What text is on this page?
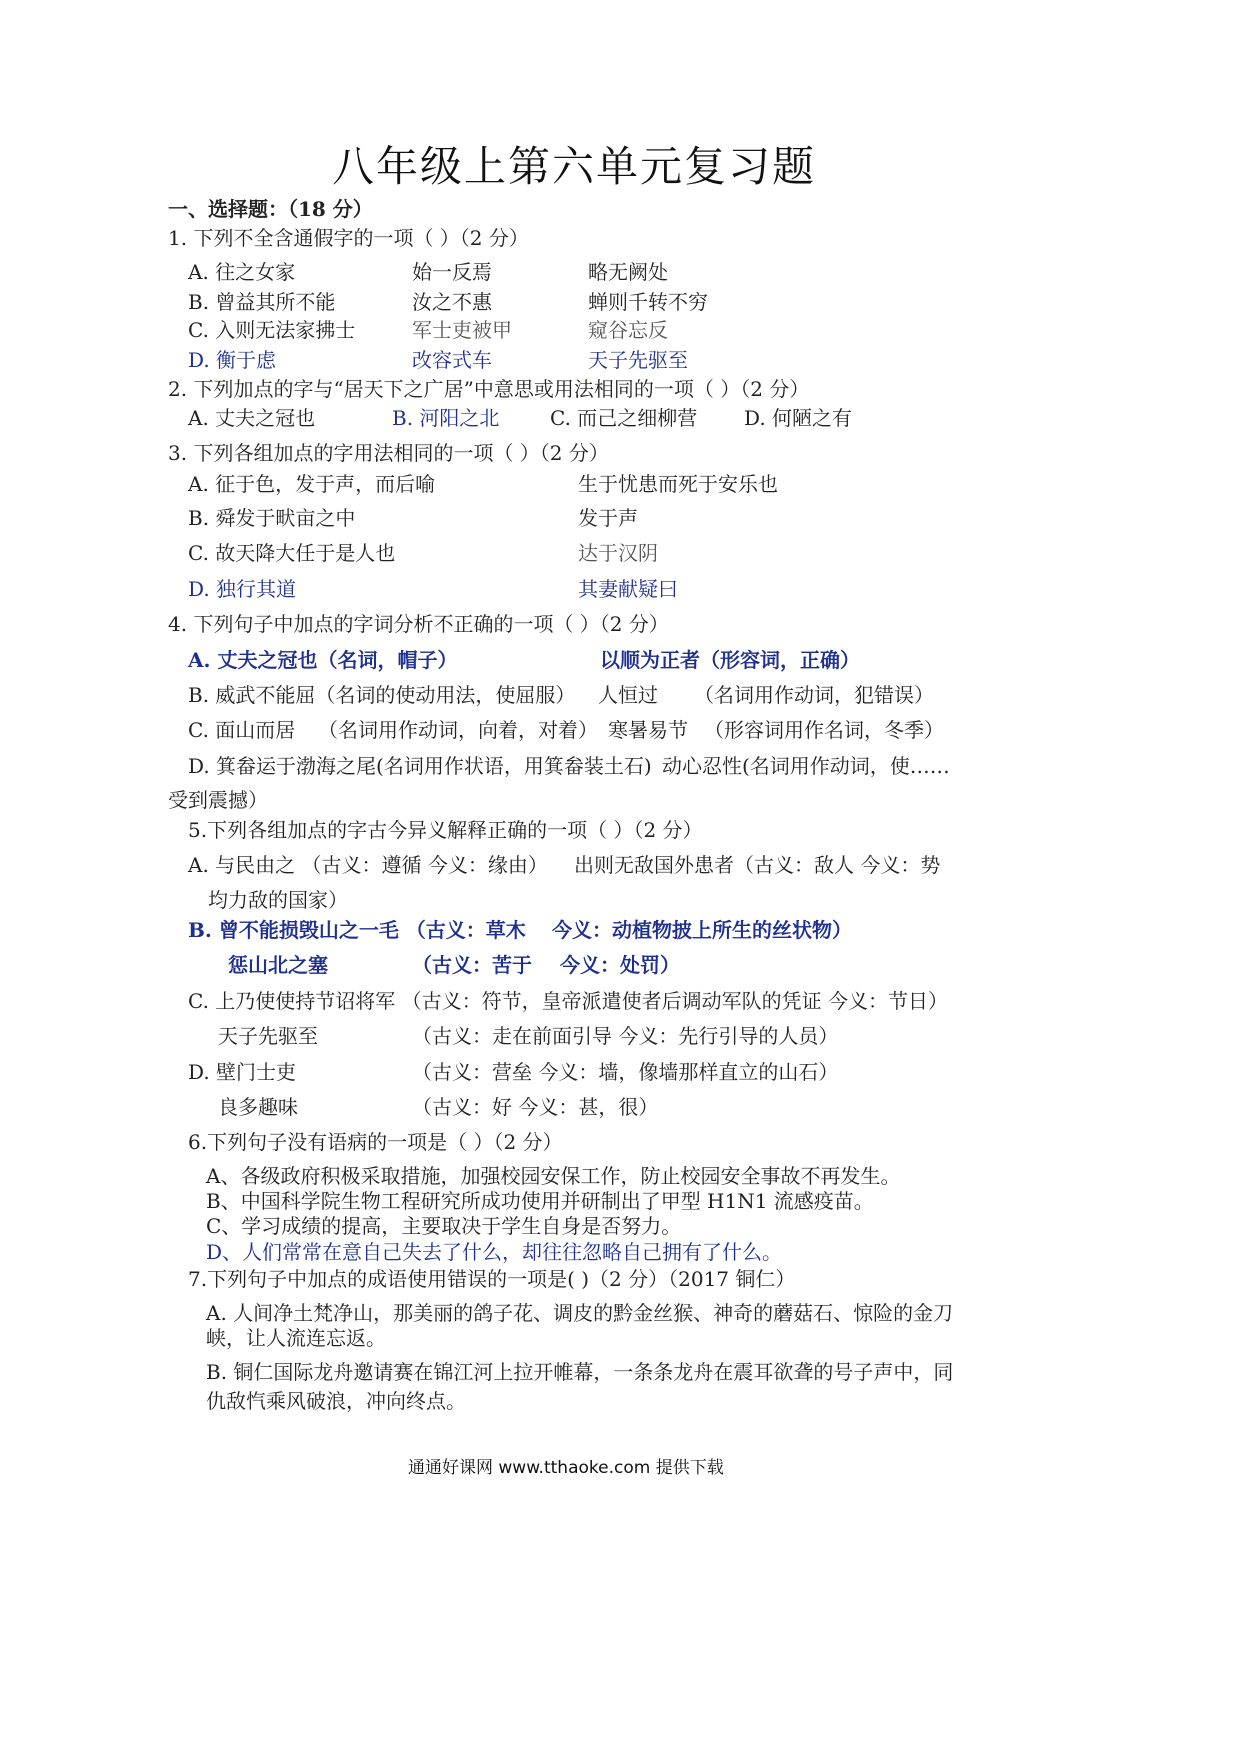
八年级上第六单元复习题
一、选择题：（18 分）
1. 下列不全含通假字的一项（ ）（2 分）
A. 往之女家	始一反焉	略无阙处
B. 曾益其所不能	汝之不惠	蝉则千转不穷
C. 入则无法家拂士	军士吏被甲	窥谷忘反
D. 衡于虑	改容式车	天子先驱至
2. 下列加点的字与“居天下之广居”中意思或用法相同的一项（ ）（2 分）
A. 丈夫之冠也	B. 河阳之北	C. 而己之细柳营 D. 何陋之有
3. 下列各组加点的字用法相同的一项（ ）（2 分）
A. 征于色，发于声，而后喻	生于忧患而死于安乐也
B. 舜发于畎亩之中	发于声
C. 故天降大任于是人也	达于汉阴
D. 独行其道	其妻献疑曰
4. 下列句子中加点的字词分析不正确的一项（ ）（2 分）
A. 丈夫之冠也（名词，帽子）	以顺为正者（形容词，正确）
B. 威武不能屈（名词的使动用法，使屈服） 人恒过 （名词用作动词，犯错误）
C. 面山而居 （名词用作动词，向着，对着） 寒暑易节 （形容词用作名词，冬季）
D. 箕畚运于渤海之尾(名词用作状语，用箕畚装土石) 动心忍性(名词用作动词，使……
受到震撼）
5.下列各组加点的字古今异义解释正确的一项（ ）（2 分）
A. 与民由之 （古义：遵循 今义：缘由） 出则无敌国外患者（古义：敌人 今义：势
均力敌的国家）
B. 曾不能损毁山之一毛 （古义：草木 今义：动植物披上所生的丝状物）
惩山北之塞	（古义：苦于 今义：处罚）
C. 上乃使使持节诏将军 （古义：符节，皇帝派遣使者后调动军队的凭证 今义：节日）
天子先驱至	（古义：走在前面引导 今义：先行引导的人员）
D. 壁门士吏	（古义：营垒 今义：墙，像墙那样直立的山石）
良多趣味	（古义：好 今义：甚，很）
6.下列句子没有语病的一项是（ ）（2 分）
A、各级政府积极采取措施，加强校园安保工作，防止校园安全事故不再发生。
B、中国科学院生物工程研究所成功使用并研制出了甲型 H1N1 流感疫苗。
C、学习成绩的提高，主要取决于学生自身是否努力。
D、人们常常在意自己失去了什么，却往往忽略自己拥有了什么。
7.下列句子中加点的成语使用错误的一项是( )（2 分）（2017 铜仁）
A. 人间净土梵净山，那美丽的鸽子花、调皮的黔金丝猴、神奇的蘑菇石、惊险的金刀
峡，让人流连忘返。
B. 铜仁国际龙舟邀请赛在锦江河上拉开帷幕，一条条龙舟在震耳欲聋的号子声中，同
仇敌忾乘风破浪，冲向终点。
通通好课网 www.tthaoke.com 提供下载
